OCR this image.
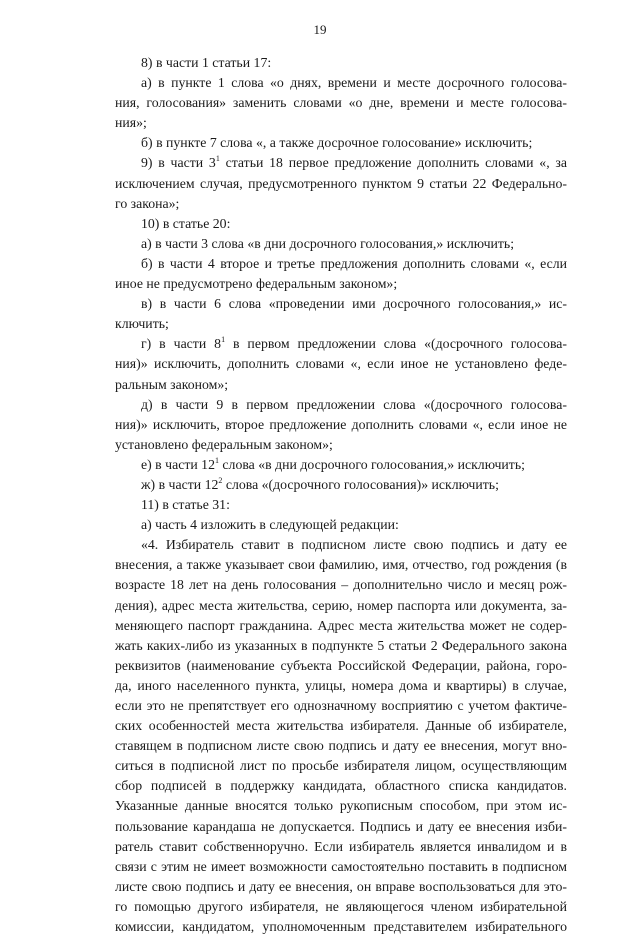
19
8) в части 1 статьи 17:
а) в пункте 1 слова «о днях, времени и месте досрочного голосова-
ния, голосования» заменить словами «о дне, времени и месте голосова-
ния»;
б) в пункте 7 слова «, а также досрочное голосование» исключить;
9) в части $3^1$ статьи 18 первое предложение дополнить словами «, за
исключением случая, предусмотренного пунктом 9 статьи 22 Федерально-
го закона»;
10) в статье 20:
а) в части 3 слова «в дни досрочного голосования,» исключить;
б) в части 4 второе и третье предложения дополнить словами «, если
иное не предусмотрено федеральным законом»;
в) в части 6 слова «проведении ими досрочного голосования,» ис-
ключить;
г) в части $8^1$ в первом предложении слова «(досрочного голосова-
ния)» исключить, дополнить словами «, если иное не установлено феде-
ральным законом»;
д) в части 9 в первом предложении слова «(досрочного голосова-
ния)» исключить, второе предложение дополнить словами «, если иное не
установлено федеральным законом»;
е) в части $12^1$ слова «в дни досрочного голосования,» исключить;
ж) в части $12^2$ слова «(досрочного голосования)» исключить;
11) в статье 31:
а) часть 4 изложить в следующей редакции:
«4. Избиратель ставит в подписном листе свою подпись и дату ее
внесения, а также указывает свои фамилию, имя, отчество, год рождения (в
возрасте 18 лет на день голосования – дополнительно число и месяц рож-
дения), адрес места жительства, серию, номер паспорта или документа, за-
меняющего паспорт гражданина. Адрес места жительства может не содер-
жать каких-либо из указанных в подпункте 5 статьи 2 Федерального закона
реквизитов (наименование субъекта Российской Федерации, района, горо-
да, иного населенного пункта, улицы, номера дома и квартиры) в случае,
если это не препятствует его однозначному восприятию с учетом фактиче-
ских особенностей места жительства избирателя. Данные об избирателе,
ставящем в подписном листе свою подпись и дату ее внесения, могут вно-
ситься в подписной лист по просьбе избирателя лицом, осуществляющим
сбор подписей в поддержку кандидата, областного списка кандидатов.
Указанные данные вносятся только рукописным способом, при этом ис-
пользование карандаша не допускается. Подпись и дату ее внесения изби-
ратель ставит собственноручно. Если избиратель является инвалидом и в
связи с этим не имеет возможности самостоятельно поставить в подписном
листе свою подпись и дату ее внесения, он вправе воспользоваться для это-
го помощью другого избирателя, не являющегося членом избирательной
комиссии, кандидатом, уполномоченным представителем избирательного
